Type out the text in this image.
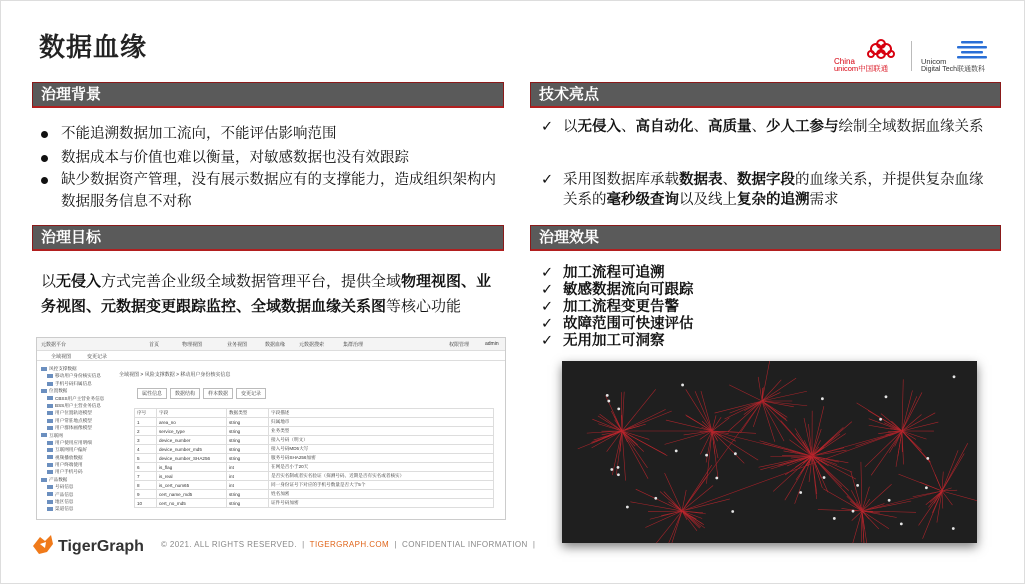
数据血缘	China
unicom中国联通
Unicom
Digital Tech联通数科
治理背景	技术亮点
治理目标	治理效果
不能追溯数据加工流向，不能评估影响范围
数据成本与价值也难以衡量，对敏感数据也没有效跟踪
缺少数据资产管理，没有展示数据应有的支撑能力，造成组织架构内数据服务信息不对称
✓ 以无侵入、高自动化、高质量、少人工参与绘制全域数据血缘关系
✓ 采用图数据库承载数据表、数据字段的血缘关系，并提供复杂血缘关系的毫秒级查询以及线上复杂的追溯需求
以无侵入方式完善企业级全域数据管理平台，提供全域物理视图、业务视图、元数据变更跟踪监控、全域数据血缘关系图等核心功能
✓ 加工流程可追溯
✓ 敏感数据流向可跟踪
✓ 加工流程变更告警
✓ 故障范围可快速评估
✓ 无用加工可洞察
元数据平台	首页	物理视图	业务视图	数据血缘	元数据搜索	集群治理	权限管理	admin
全域视图	变更记录
风控支撑数据
移动用户身份核实信息
手机号码归属信息
位置数据
CBSS用户主营业务信息
BSS用户主营业务信息
用户位置轨迹模型
用户常驻地点模型
用户群体画像模型
互联网
用户使用应用明细
互联网用户偏好
视频播放数据
用户终端使用
用户手机号码
产品数据
号码信息
产品信息
地区信息
渠道信息
全域视图 > 风险支撑数据 > 移动用户身份核实信息
属性信息	数据结构	样本数据	变更记录
序号	字段	数据类型	字段描述
1	area_no	string	归属地市
2	service_type	string	业务类型
3	device_number	string	接入号码（明文）
4	device_number_md5	string	接入号码MD5大写
5	device_number_SHA256	string	服务号码SHA256加密
6	is_flag	int	在网是否小于20天
7	is_real	int	是否实名制或者实名验证（探测号码、近期是否有实名或者核实）
8	is_cert_num65	int	同一身份证号下对应的手机号数量是否大于5个
9	cert_name_md5	string	姓名加密
10	cert_no_md5	string	证件号码加密
TigerGraph © 2021. ALL RIGHTS RESERVED. | TIGERGRAPH.COM | CONFIDENTIAL INFORMATION |
